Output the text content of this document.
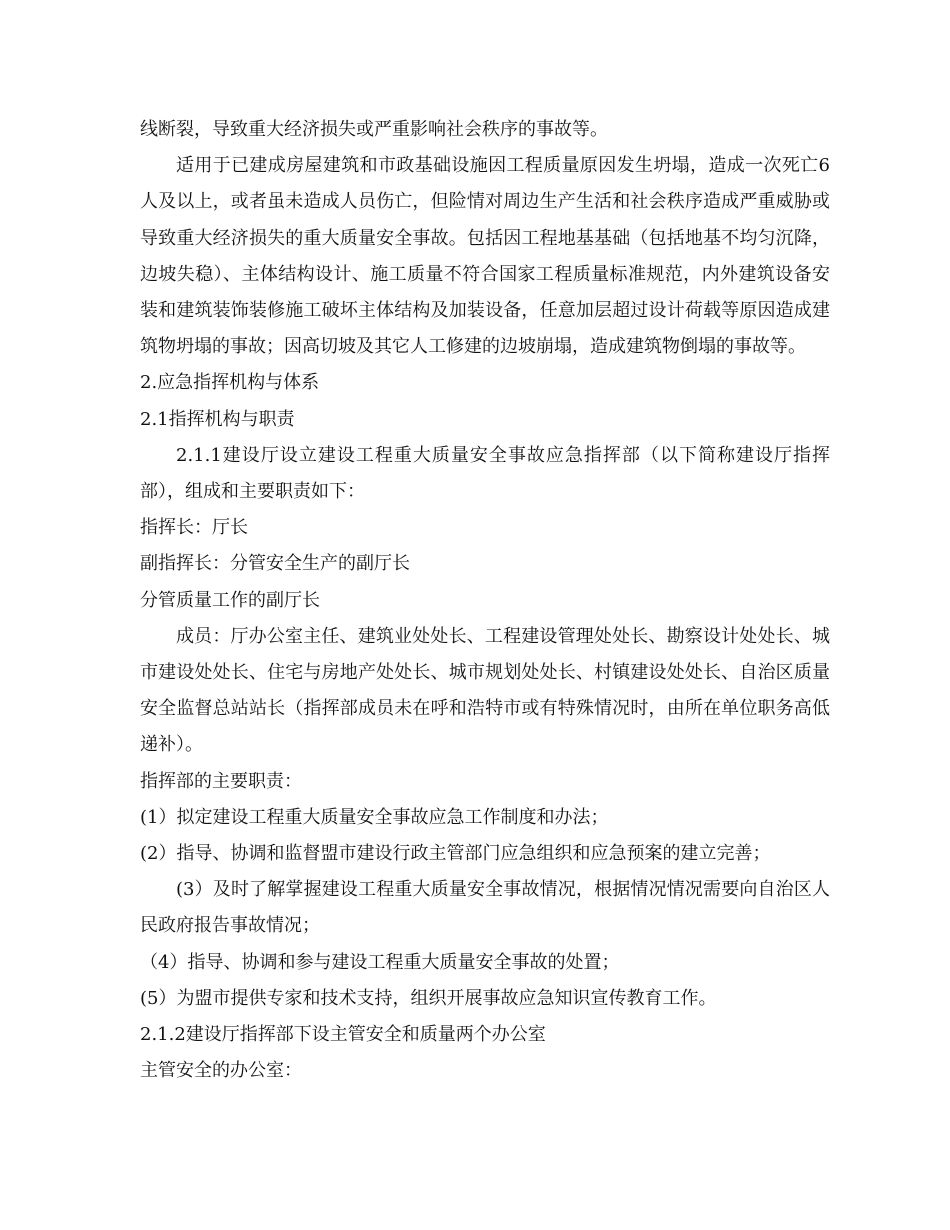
线断裂，导致重大经济损失或严重影响社会秩序的事故等。

适用于已建成房屋建筑和市政基础设施因工程质量原因发生坍塌，造成一次死亡6人及以上，或者虽未造成人员伤亡，但险情对周边生产生活和社会秩序造成严重威胁或导致重大经济损失的重大质量安全事故。包括因工程地基基础（包括地基不均匀沉降，边坡失稳）、主体结构设计、施工质量不符合国家工程质量标准规范，内外建筑设备安装和建筑装饰装修施工破坏主体结构及加装设备，任意加层超过设计荷载等原因造成建筑物坍塌的事故；因高切坡及其它人工修建的边坡崩塌，造成建筑物倒塌的事故等。

2.应急指挥机构与体系

2.1指挥机构与职责

2.1.1建设厅设立建设工程重大质量安全事故应急指挥部（以下简称建设厅指挥部），组成和主要职责如下：

指挥长：厅长

副指挥长：分管安全生产的副厅长

分管质量工作的副厅长

成员：厅办公室主任、建筑业处处长、工程建设管理处处长、勘察设计处处长、城市建设处处长、住宅与房地产处处长、城市规划处处长、村镇建设处处长、自治区质量安全监督总站站长（指挥部成员未在呼和浩特市或有特殊情况时，由所在单位职务高低递补）。

指挥部的主要职责：

(1）拟定建设工程重大质量安全事故应急工作制度和办法；

(2）指导、协调和监督盟市建设行政主管部门应急组织和应急预案的建立完善；

(3）及时了解掌握建设工程重大质量安全事故情况，根据情况情况需要向自治区人民政府报告事故情况；

（4）指导、协调和参与建设工程重大质量安全事故的处置；

(5）为盟市提供专家和技术支持，组织开展事故应急知识宣传教育工作。

2.1.2建设厅指挥部下设主管安全和质量两个办公室

主管安全的办公室：
